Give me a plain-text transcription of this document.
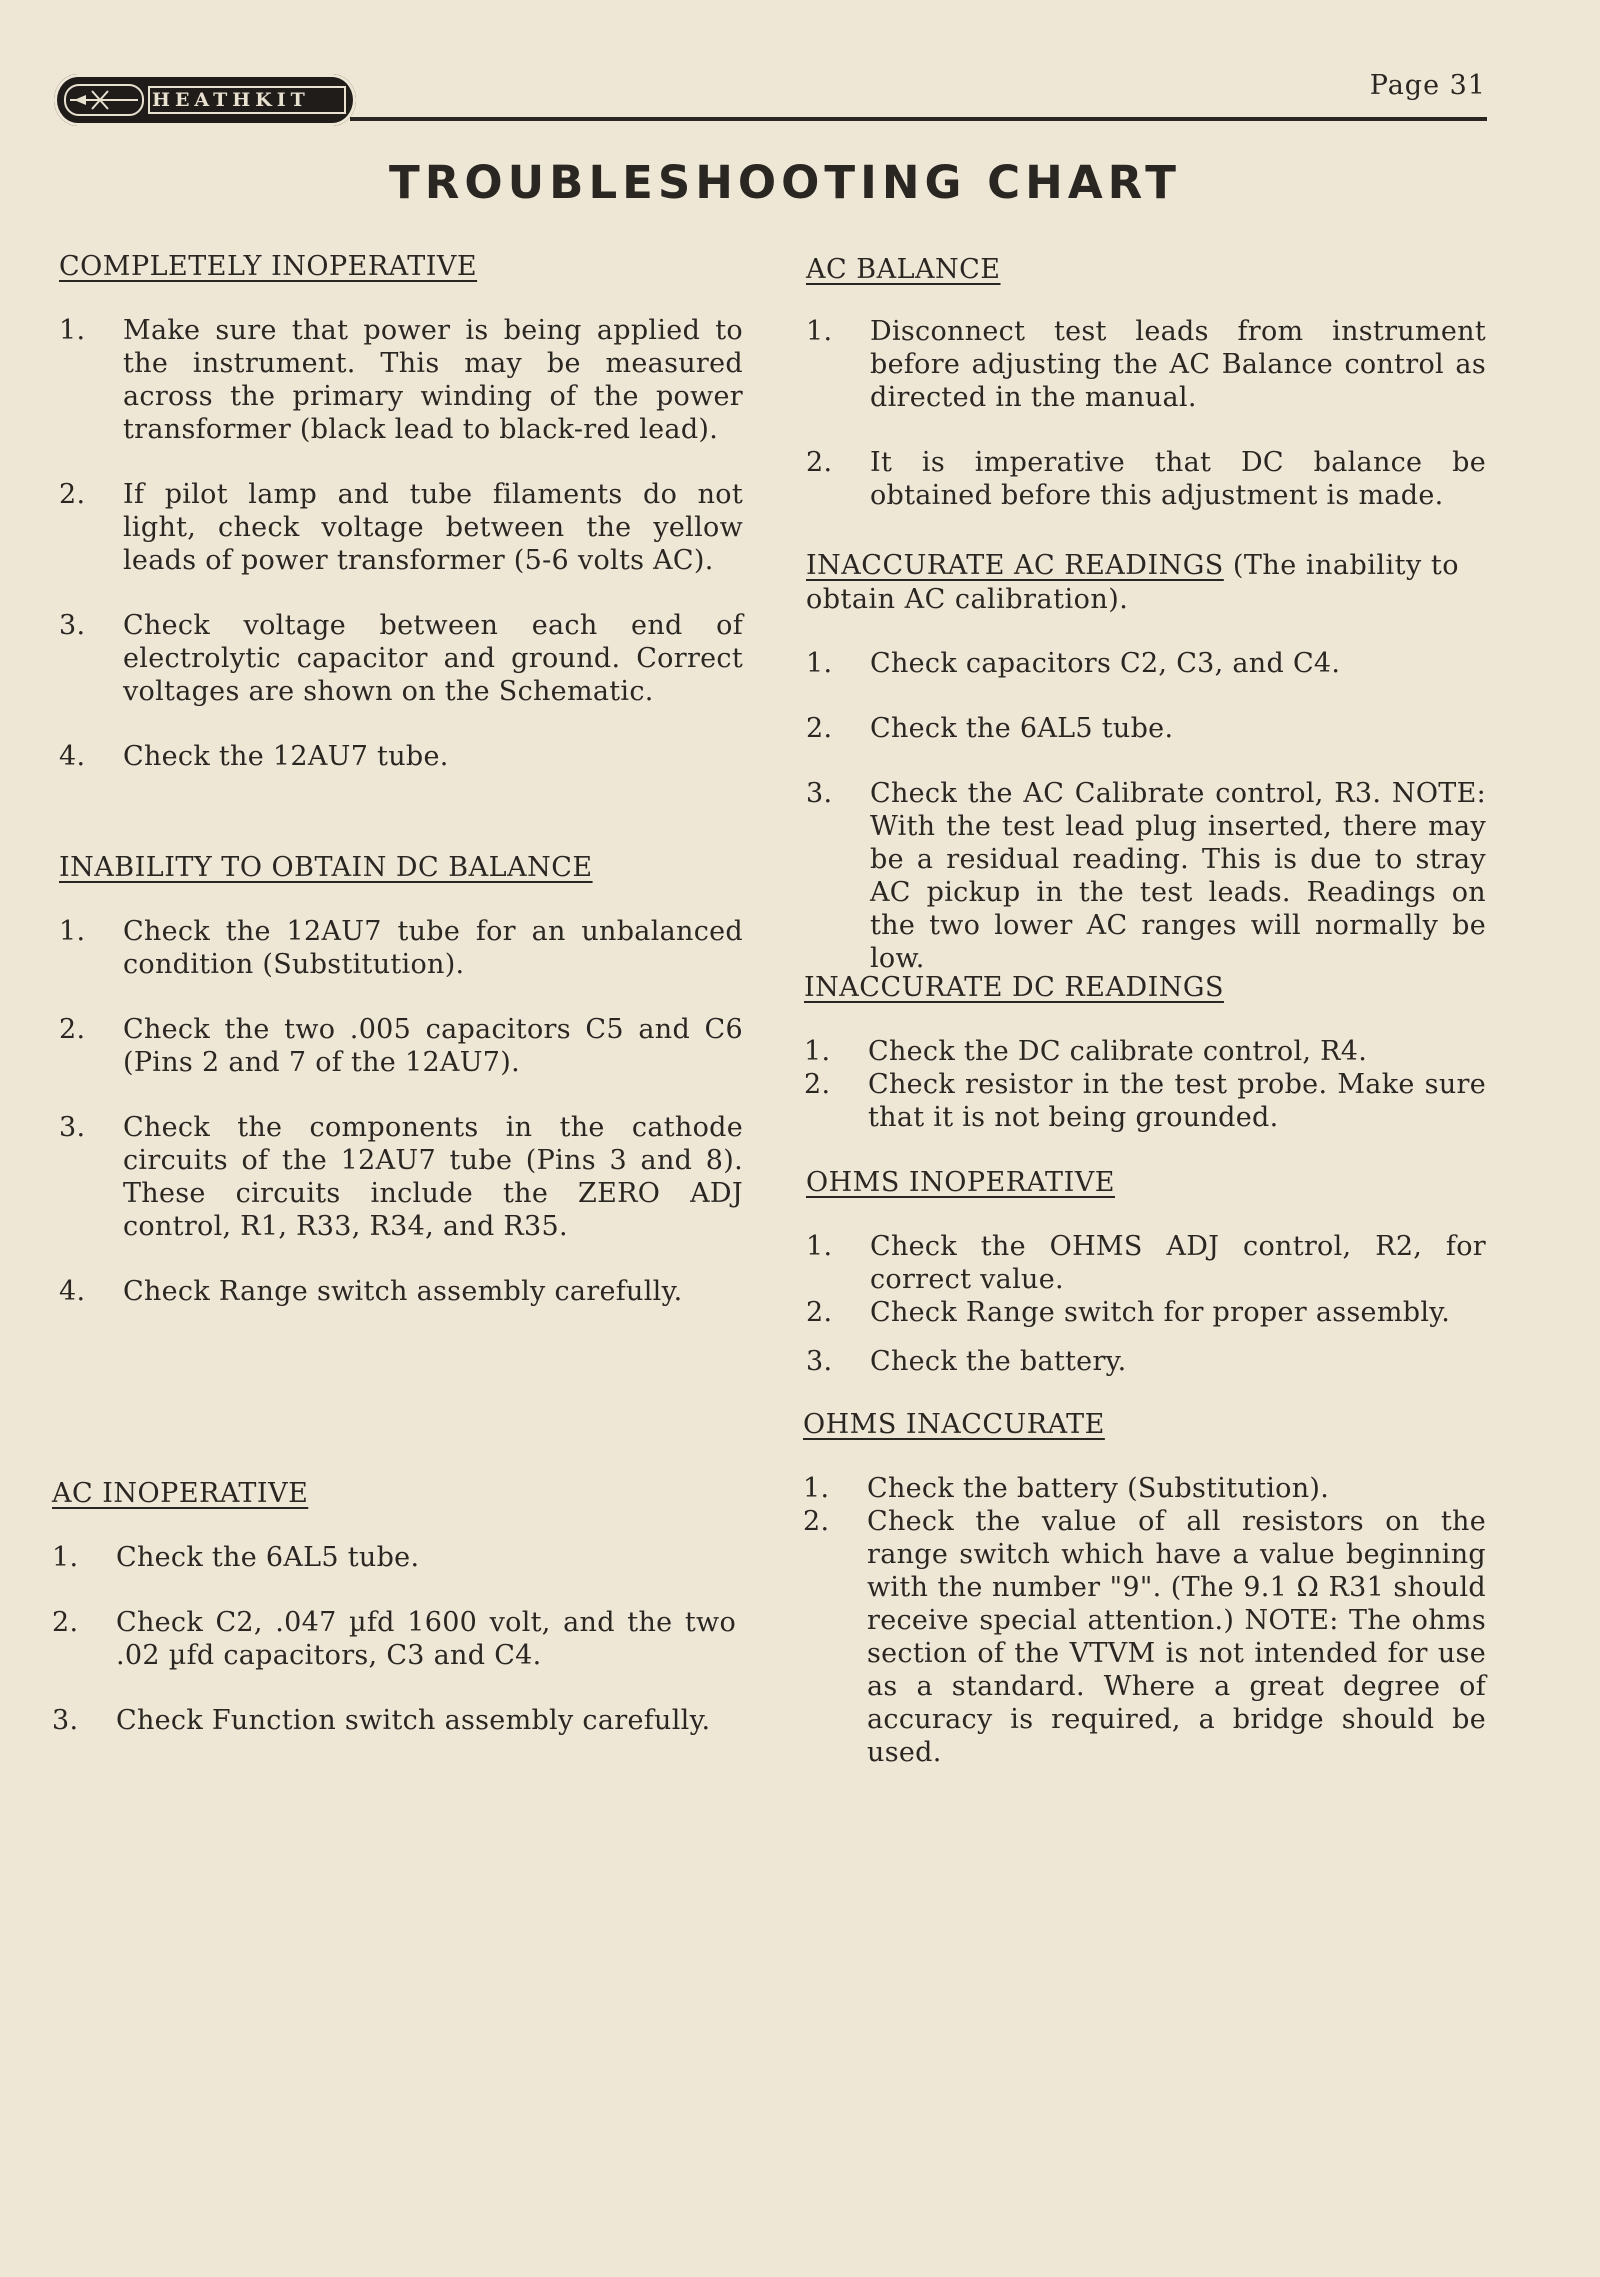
HEATHKIT	Page 31
TROUBLESHOOTING CHART
COMPLETELY INOPERATIVE
1.	Make sure that power is being applied to the instrument. This may be measured across the primary winding of the power transformer (black lead to black-red lead).
2.	If pilot lamp and tube filaments do not light, check voltage between the yellow leads of power transformer (5-6 volts AC).
3.	Check voltage between each end of electrolytic capacitor and ground. Correct voltages are shown on the Schematic.
4.	Check the 12AU7 tube.
INABILITY TO OBTAIN DC BALANCE
1.	Check the 12AU7 tube for an unbalanced condition (Substitution).
2.	Check the two .005 capacitors C5 and C6 (Pins 2 and 7 of the 12AU7).
3.	Check the components in the cathode circuits of the 12AU7 tube (Pins 3 and 8). These circuits include the ZERO ADJ control, R1, R33, R34, and R35.
4.	Check Range switch assembly carefully.
AC INOPERATIVE
1.	Check the 6AL5 tube.
2.	Check C2, .047 µfd 1600 volt, and the two .02 µfd capacitors, C3 and C4.
3.	Check Function switch assembly carefully.
AC BALANCE
1.	Disconnect test leads from instrument before adjusting the AC Balance control as directed in the manual.
2.	It is imperative that DC balance be obtained before this adjustment is made.
INACCURATE AC READINGS (The inability to obtain AC calibration).
1.	Check capacitors C2, C3, and C4.
2.	Check the 6AL5 tube.
3.	Check the AC Calibrate control, R3. NOTE: With the test lead plug inserted, there may be a residual reading. This is due to stray AC pickup in the test leads. Readings on the two lower AC ranges will normally be low.
INACCURATE DC READINGS
1.	Check the DC calibrate control, R4.
2.	Check resistor in the test probe. Make sure that it is not being grounded.
OHMS INOPERATIVE
1.	Check the OHMS ADJ control, R2, for correct value.
2.	Check Range switch for proper assembly.
3.	Check the battery.
OHMS INACCURATE
1.	Check the battery (Substitution).
2.	Check the value of all resistors on the range switch which have a value beginning with the number "9". (The 9.1 Ω R31 should receive special attention.) NOTE: The ohms section of the VTVM is not intended for use as a standard. Where a great degree of accuracy is required, a bridge should be used.
